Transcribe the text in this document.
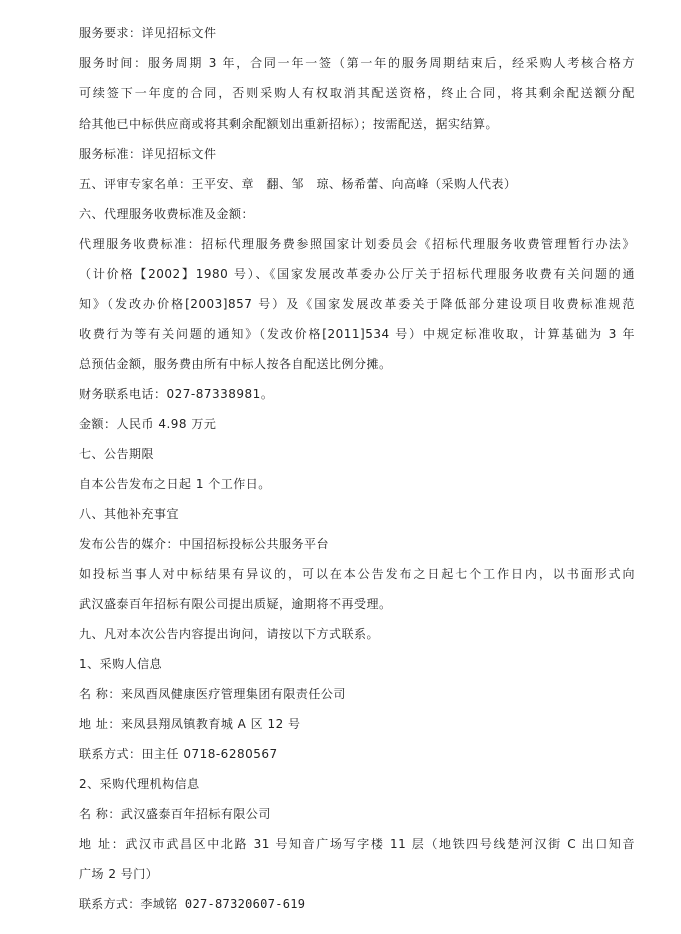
服务要求：详见招标文件
服务时间：服务周期 3 年，合同一年一签（第一年的服务周期结束后，经采购人考核合格方
可续签下一年度的合同，否则采购人有权取消其配送资格，终止合同，将其剩余配送额分配
给其他已中标供应商或将其剩余配额划出重新招标）；按需配送，据实结算。
服务标准：详见招标文件
五、评审专家名单：王平安、章　翻、邹　琼、杨希蕾、向高峰（采购人代表）
六、代理服务收费标准及金额：
代理服务收费标准：招标代理服务费参照国家计划委员会《招标代理服务收费管理暂行办法》
（计价格【2002】1980 号）、《国家发展改革委办公厅关于招标代理服务收费有关问题的通
知》（发改办价格[2003]857 号）及《国家发展改革委关于降低部分建设项目收费标准规范
收费行为等有关问题的通知》（发改价格[2011]534 号）中规定标准收取，计算基础为 3 年
总预估金额，服务费由所有中标人按各自配送比例分摊。
财务联系电话：027-87338981。
金额：人民币 4.98 万元
七、公告期限
自本公告发布之日起 1 个工作日。
八、其他补充事宜
发布公告的媒介：中国招标投标公共服务平台
如投标当事人对中标结果有异议的，可以在本公告发布之日起七个工作日内，以书面形式向
武汉盛泰百年招标有限公司提出质疑，逾期将不再受理。
九、凡对本次公告内容提出询问，请按以下方式联系。
1、采购人信息
名 称：来凤酉凤健康医疗管理集团有限责任公司
地 址：来凤县翔凤镇教育城 A 区 12 号
联系方式：田主任 0718-6280567
2、采购代理机构信息
名 称：武汉盛泰百年招标有限公司
地 址：武汉市武昌区中北路 31 号知音广场写字楼 11 层（地铁四号线楚河汉街 C 出口知音
广场 2 号门）
联系方式：李域铭 027-87320607-619
